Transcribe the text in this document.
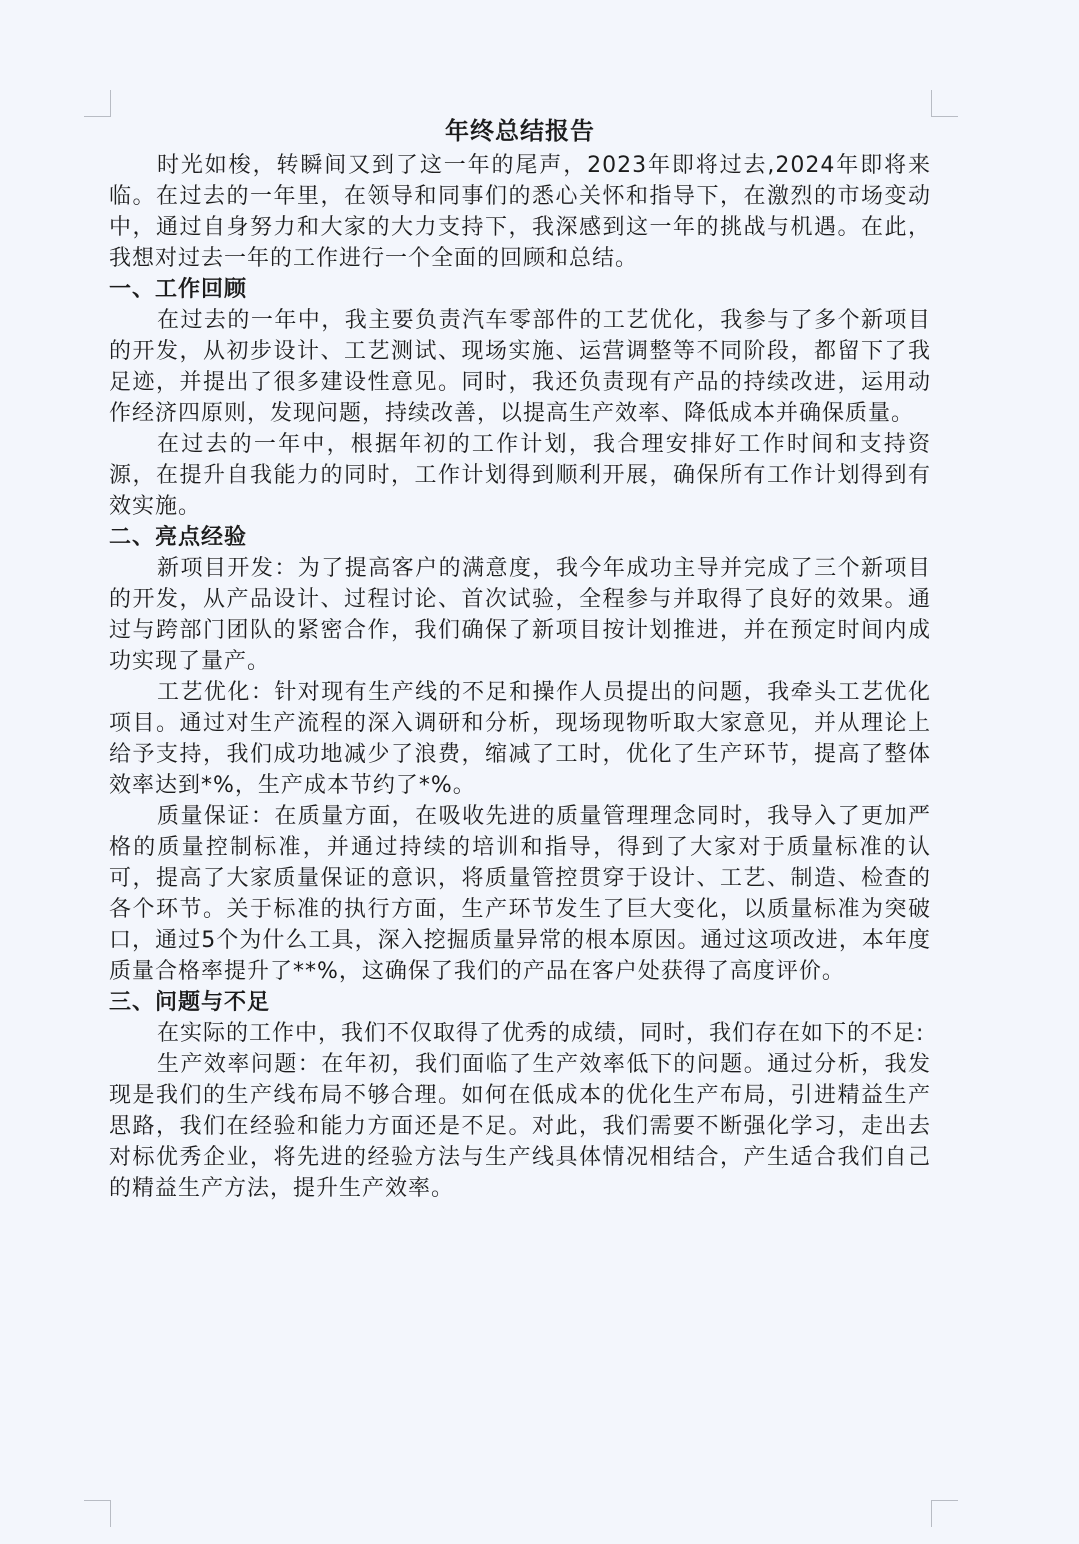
年终总结报告

时光如梭，转瞬间又到了这一年的尾声，2023年即将过去,2024年即将来临。在过去的一年里，在领导和同事们的悉心关怀和指导下，在激烈的市场变动中，通过自身努力和大家的大力支持下，我深感到这一年的挑战与机遇。在此，我想对过去一年的工作进行一个全面的回顾和总结。

一、工作回顾

在过去的一年中，我主要负责汽车零部件的工艺优化，我参与了多个新项目的开发，从初步设计、工艺测试、现场实施、运营调整等不同阶段，都留下了我足迹，并提出了很多建设性意见。同时，我还负责现有产品的持续改进，运用动作经济四原则，发现问题，持续改善，以提高生产效率、降低成本并确保质量。

在过去的一年中，根据年初的工作计划，我合理安排好工作时间和支持资源，在提升自我能力的同时，工作计划得到顺利开展，确保所有工作计划得到有效实施。

二、亮点经验

新项目开发：为了提高客户的满意度，我今年成功主导并完成了三个新项目的开发，从产品设计、过程讨论、首次试验，全程参与并取得了良好的效果。通过与跨部门团队的紧密合作，我们确保了新项目按计划推进，并在预定时间内成功实现了量产。

工艺优化：针对现有生产线的不足和操作人员提出的问题，我牵头工艺优化项目。通过对生产流程的深入调研和分析，现场现物听取大家意见，并从理论上给予支持，我们成功地减少了浪费，缩减了工时，优化了生产环节，提高了整体效率达到*%，生产成本节约了*%。

质量保证：在质量方面，在吸收先进的质量管理理念同时，我导入了更加严格的质量控制标准，并通过持续的培训和指导，得到了大家对于质量标准的认可，提高了大家质量保证的意识，将质量管控贯穿于设计、工艺、制造、检查的各个环节。关于标准的执行方面，生产环节发生了巨大变化，以质量标准为突破口，通过5个为什么工具，深入挖掘质量异常的根本原因。通过这项改进，本年度质量合格率提升了**%，这确保了我们的产品在客户处获得了高度评价。

三、问题与不足

在实际的工作中，我们不仅取得了优秀的成绩，同时，我们存在如下的不足:

生产效率问题：在年初，我们面临了生产效率低下的问题。通过分析，我发现是我们的生产线布局不够合理。如何在低成本的优化生产布局，引进精益生产思路，我们在经验和能力方面还是不足。对此，我们需要不断强化学习，走出去对标优秀企业，将先进的经验方法与生产线具体情况相结合，产生适合我们自己的精益生产方法，提升生产效率。
